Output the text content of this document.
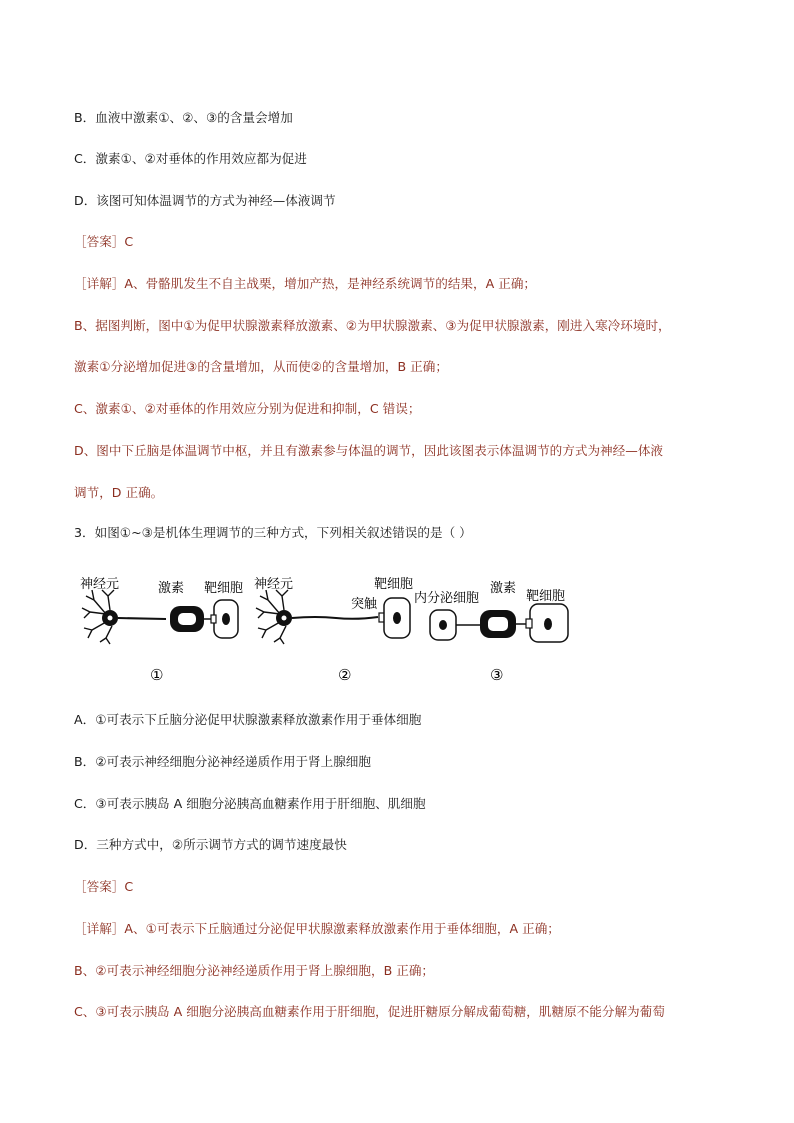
B．血液中激素①、②、③的含量会增加
C．激素①、②对垂体的作用效应都为促进
D．该图可知体温调节的方式为神经—体液调节
［答案］C
［详解］A、骨骼肌发生不自主战栗，增加产热，是神经系统调节的结果，A 正确；
B、据图判断，图中①为促甲状腺激素释放激素、②为甲状腺激素、③为促甲状腺激素，刚进入寒冷环境时，
激素①分泌增加促进③的含量增加，从而使②的含量增加，B 正确；
C、激素①、②对垂体的作用效应分别为促进和抑制，C 错误；
D、图中下丘脑是体温调节中枢，并且有激素参与体温的调节，因此该图表示体温调节的方式为神经—体液
调节，D 正确。
3．如图①~③是机体生理调节的三种方式，下列相关叙述错误的是（ ）
神经元	激素 靶细胞
①
神经元
突触
靶细胞
②
内分泌细胞
激素
靶细胞
③
A．①可表示下丘脑分泌促甲状腺激素释放激素作用于垂体细胞
B．②可表示神经细胞分泌神经递质作用于肾上腺细胞
C．③可表示胰岛 A 细胞分泌胰高血糖素作用于肝细胞、肌细胞
D．三种方式中，②所示调节方式的调节速度最快
［答案］C
［详解］A、①可表示下丘脑通过分泌促甲状腺激素释放激素作用于垂体细胞，A 正确；
B、②可表示神经细胞分泌神经递质作用于肾上腺细胞，B 正确；
C、③可表示胰岛 A 细胞分泌胰高血糖素作用于肝细胞，促进肝糖原分解成葡萄糖，肌糖原不能分解为葡萄
